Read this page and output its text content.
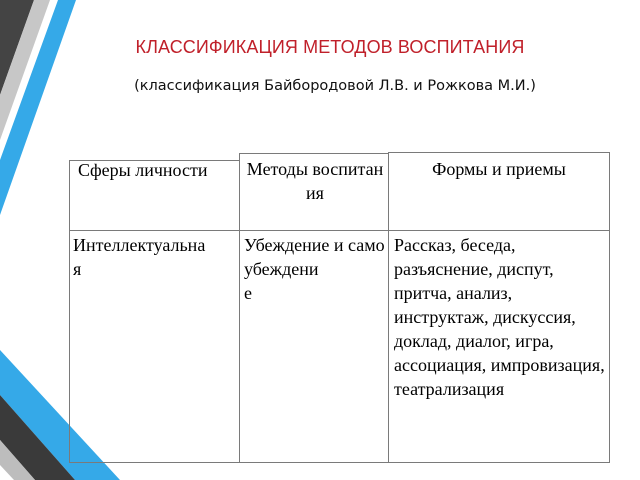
КЛАССИФИКАЦИЯ МЕТОДОВ ВОСПИТАНИЯ
(классификация Байбородовой Л.В. и Рожкова М.И.)
Сферы личности	Методы воспитания
Формы и приемы
Интеллектуальна
я
Убеждение и самоубеждени
е
Рассказ, беседа, разъяснение, диспут, притча, анализ, инструктаж, дискуссия, доклад, диалог, игра, ассоциация, импровизация, театрализация
